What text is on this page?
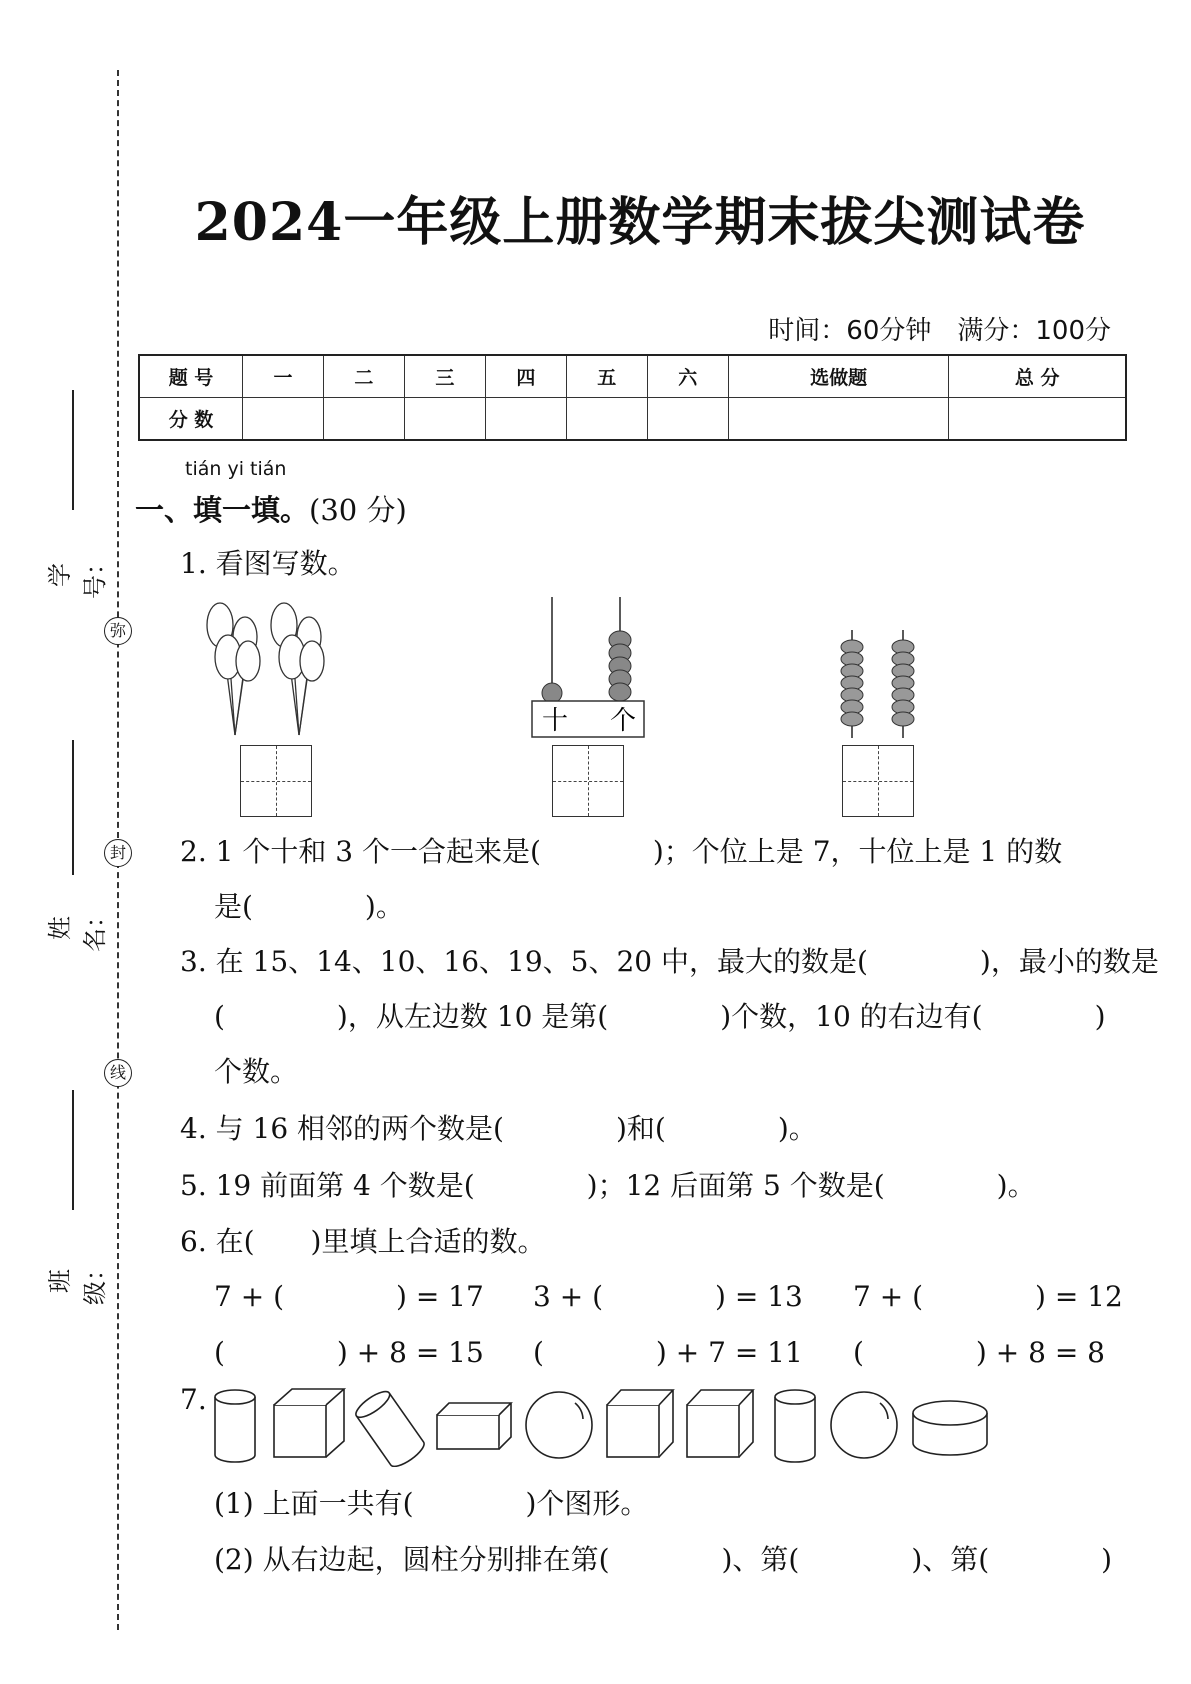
学号：
姓名：
班级：
弥
封
线
2024一年级上册数学期末拔尖测试卷
时间：60分钟　满分：100分
题 号	一	二	三	四	五	六	选做题	总 分
分 数								
tián yi tián
一、填一填。(30 分)
1. 看图写数。
十 个
2. 1 个十和 3 个一合起来是(　　　　)；个位上是 7，十位上是 1 的数
是(　　　　)。
3. 在 15、14、10、16、19、5、20 中，最大的数是(　　　　)，最小的数是
(　　　　)，从左边数 10 是第(　　　　)个数，10 的右边有(　　　　)
个数。
4. 与 16 相邻的两个数是(　　　　)和(　　　　)。
5. 19 前面第 4 个数是(　　　　)；12 后面第 5 个数是(　　　　)。
6. 在(　　)里填上合适的数。
7 + (　　　　) = 17 3 + (　　　　) = 13 7 + (　　　　) = 12
(　　　　) + 8 = 15 (　　　　) + 7 = 11 (　　　　) + 8 = 8
7.
(1) 上面一共有(　　　　)个图形。
(2) 从右边起，圆柱分别排在第(　　　　)、第(　　　　)、第(　　　　)
